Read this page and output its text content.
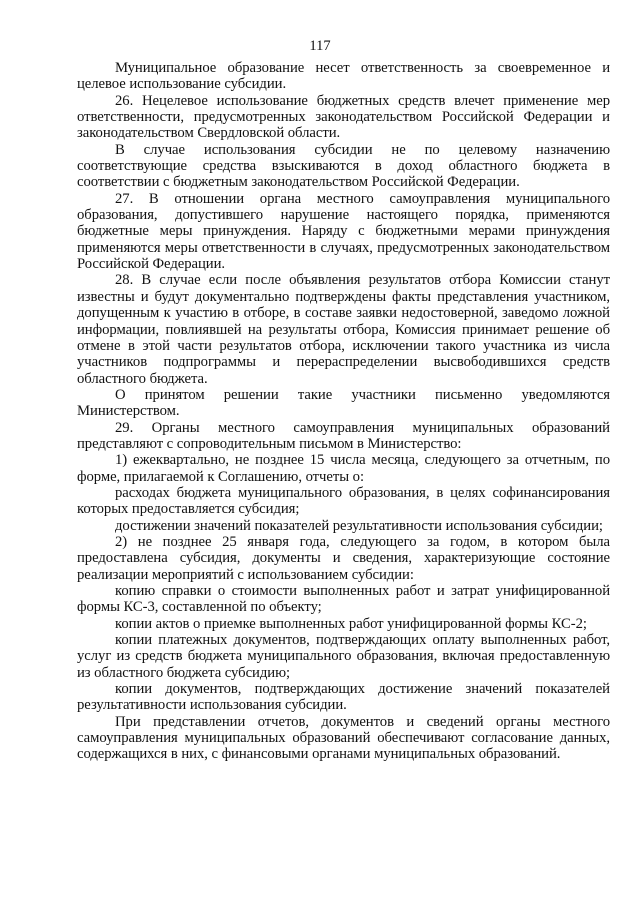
117

Муниципальное образование несет ответственность за своевременное и целевое использование субсидии.

26. Нецелевое использование бюджетных средств влечет применение мер ответственности, предусмотренных законодательством Российской Федерации и законодательством Свердловской области.

В случае использования субсидии не по целевому назначению соответствующие средства взыскиваются в доход областного бюджета в соответствии с бюджетным законодательством Российской Федерации.

27. В отношении органа местного самоуправления муниципального образования, допустившего нарушение настоящего порядка, применяются бюджетные меры принуждения. Наряду с бюджетными мерами принуждения применяются меры ответственности в случаях, предусмотренных законодательством Российской Федерации.

28. В случае если после объявления результатов отбора Комиссии станут известны и будут документально подтверждены факты представления участником, допущенным к участию в отборе, в составе заявки недостоверной, заведомо ложной информации, повлиявшей на результаты отбора, Комиссия принимает решение об отмене в этой части результатов отбора, исключении такого участника из числа участников подпрограммы и перераспределении высвободившихся средств областного бюджета.

О принятом решении такие участники письменно уведомляются Министерством.

29. Органы местного самоуправления муниципальных образований представляют с сопроводительным письмом в Министерство:

1) ежеквартально, не позднее 15 числа месяца, следующего за отчетным, по форме, прилагаемой к Соглашению, отчеты о:

расходах бюджета муниципального образования, в целях софинансирования которых предоставляется субсидия;

достижении значений показателей результативности использования субсидии;

2) не позднее 25 января года, следующего за годом, в котором была предоставлена субсидия, документы и сведения, характеризующие состояние реализации мероприятий с использованием субсидии:

копию справки о стоимости выполненных работ и затрат унифицированной формы КС-3, составленной по объекту;

копии актов о приемке выполненных работ унифицированной формы КС-2;

копии платежных документов, подтверждающих оплату выполненных работ, услуг из средств бюджета муниципального образования, включая предоставленную из областного бюджета субсидию;

копии документов, подтверждающих достижение значений показателей результативности использования субсидии.

При представлении отчетов, документов и сведений органы местного самоуправления муниципальных образований обеспечивают согласование данных, содержащихся в них, с финансовыми органами муниципальных образований.
